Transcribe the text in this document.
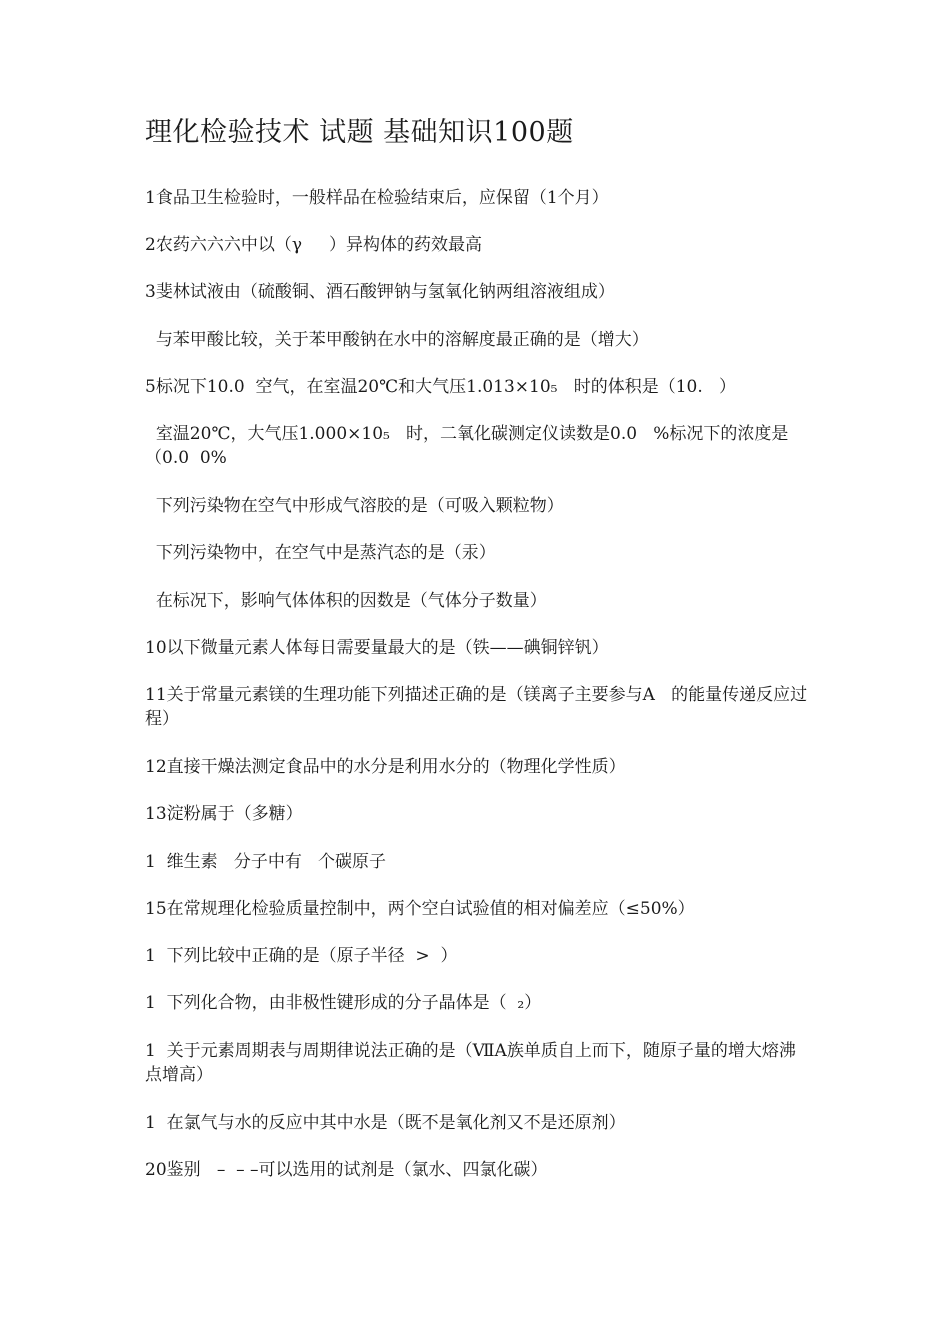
理化检验技术 试题 基础知识100题
1食品卫生检验时，一般样品在检验结束后，应保留（1个月）
2农药六六六中以（γ     ）异构体的药效最高
3斐林试液由（硫酸铜、酒石酸钾钠与氢氧化钠两组溶液组成）
与苯甲酸比较，关于苯甲酸钠在水中的溶解度最正确的是（增大）
5标况下10.0  空气，在室温20℃和大气压1.013×10₅   时的体积是（10.   ）
室温20℃，大气压1.000×10₅   时，二氧化碳测定仪读数是0.0   %标况下的浓度是（0.0  0%
下列污染物在空气中形成气溶胶的是（可吸入颗粒物）
下列污染物中，在空气中是蒸汽态的是（汞）
在标况下，影响气体体积的因数是（气体分子数量）
10以下微量元素人体每日需要量最大的是（铁——碘铜锌钒）
11关于常量元素镁的生理功能下列描述正确的是（镁离子主要参与A   的能量传递反应过程）
12直接干燥法测定食品中的水分是利用水分的（物理化学性质）
13淀粉属于（多糖）
1  维生素   分子中有   个碳原子
15在常规理化检验质量控制中，两个空白试验值的相对偏差应（≤50%）
1  下列比较中正确的是（原子半径  >  ）
1  下列化合物，由非极性键形成的分子晶体是（  ₂）
1  关于元素周期表与周期律说法正确的是（ⅦA族单质自上而下，随原子量的增大熔沸点增高）
1  在氯气与水的反应中其中水是（既不是氧化剂又不是还原剂）
20鉴别   –  – –可以选用的试剂是（氯水、四氯化碳）
